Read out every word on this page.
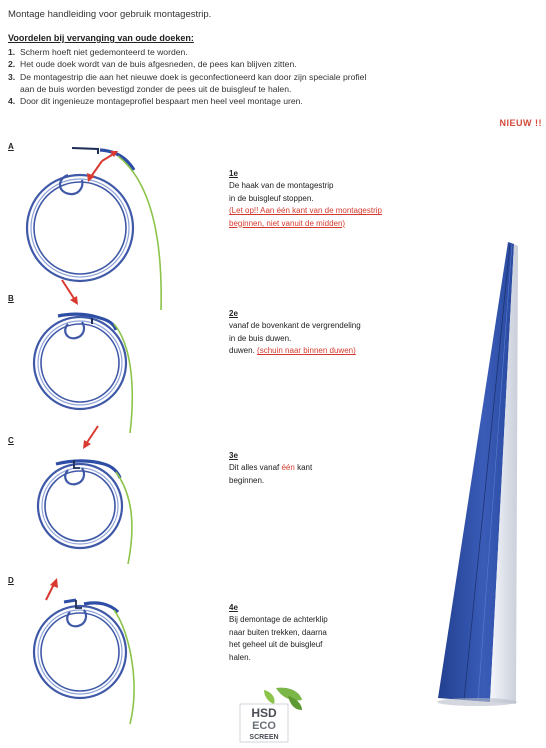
Montage handleiding voor gebruik montagestrip.
Voordelen bij vervanging van oude doeken:
1. Scherm hoeft niet gedemonteerd te worden.
2. Het oude doek wordt van de buis afgesneden, de pees kan blijven zitten.
3. De montagestrip die aan het nieuwe doek is geconfectioneerd kan door zijn speciale profiel
aan de buis worden bevestigd zonder de pees uit de buisgleuf te halen.
4. Door dit ingenieuze montageprofiel bespaart men heel veel montage uren.
NIEUW !!
A
B
C
D
1e
De haak van de montagestrip
in de buisgleuf stoppen.
(Let op!! Aan één kant van de montagestrip
beginnen, niet vanuit de midden)
2e
vanaf de bovenkant de vergrendeling
in de buis duwen.
duwen. (schuin naar binnen duwen)
3e
Dit alles vanaf één kant
beginnen.
4e
Bij demontage de achterklip
naar buiten trekken, daarna
het geheel uit de buisgleuf
halen.
HSD
ECO
SCREEN
